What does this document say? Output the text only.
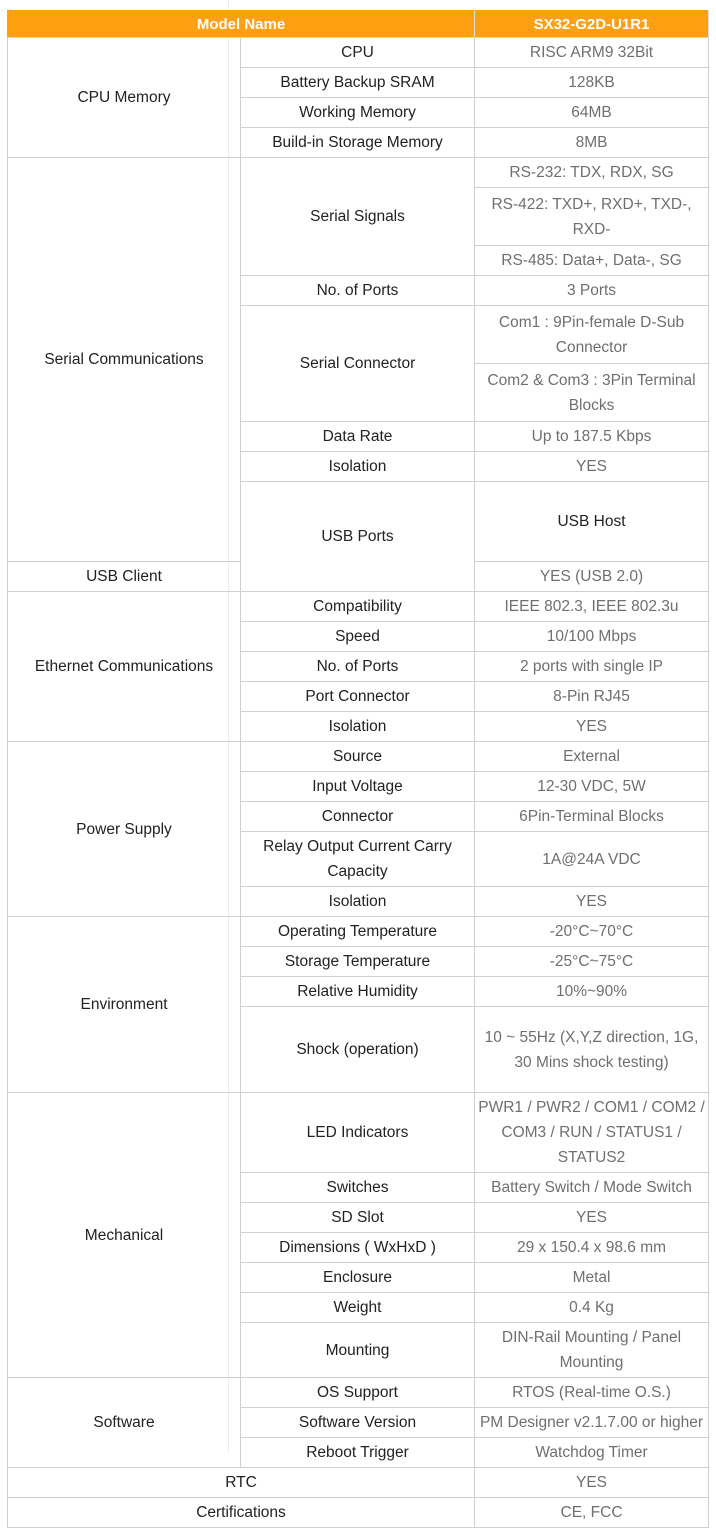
Model Name		SX32-G2D-U1R1	
CPU Memory	CPU	RISC ARM9 32Bit	
	Battery Backup SRAM	128KB	
	Working Memory	64MB	
	Build-in Storage Memory	8MB	
Serial Communications	Serial Signals	RS-232: TDX, RDX, SG	
		RS-422: TXD+, RXD+, TXD-, RXD-	
		RS-485: Data+, Data-, SG	
	No. of Ports	3 Ports	
	Serial Connector	Com1 : 9Pin-female D-Sub Connector	
		Com2 & Com3 : 3Pin Terminal Blocks	
	Data Rate	Up to 187.5 Kbps	
	Isolation	YES	
	USB Ports	USB Host	
USB Client		YES (USB 2.0)	
Ethernet Communications	Compatibility	IEEE 802.3, IEEE 802.3u	
	Speed	10/100 Mbps	
	No. of Ports	2 ports with single IP	
	Port Connector	8-Pin RJ45	
	Isolation	YES	
Power Supply	Source	External	
	Input Voltage	12-30 VDC, 5W	
	Connector	6Pin-Terminal Blocks	
	Relay Output Current Carry Capacity	1A@24A VDC	
	Isolation	YES	
Environment	Operating Temperature	-20°C~70°C	
	Storage Temperature	-25°C~75°C	
	Relative Humidity	10%~90%	
	Shock (operation)	10 ~ 55Hz (X,Y,Z direction, 1G, 30 Mins shock testing)	
Mechanical	LED Indicators	PWR1 / PWR2 / COM1 / COM2 / COM3 / RUN / STATUS1 / STATUS2	
	Switches	Battery Switch / Mode Switch	
	SD Slot	YES	
	Dimensions ( WxHxD )	29 x 150.4 x 98.6 mm	
	Enclosure	Metal	
	Weight	0.4 Kg	
	Mounting	DIN-Rail Mounting / Panel Mounting	
Software	OS Support	RTOS (Real-time O.S.)	
	Software Version	PM Designer v2.1.7.00 or higher	
	Reboot Trigger	Watchdog Timer	
RTC		YES	
Certifications		CE, FCC	
